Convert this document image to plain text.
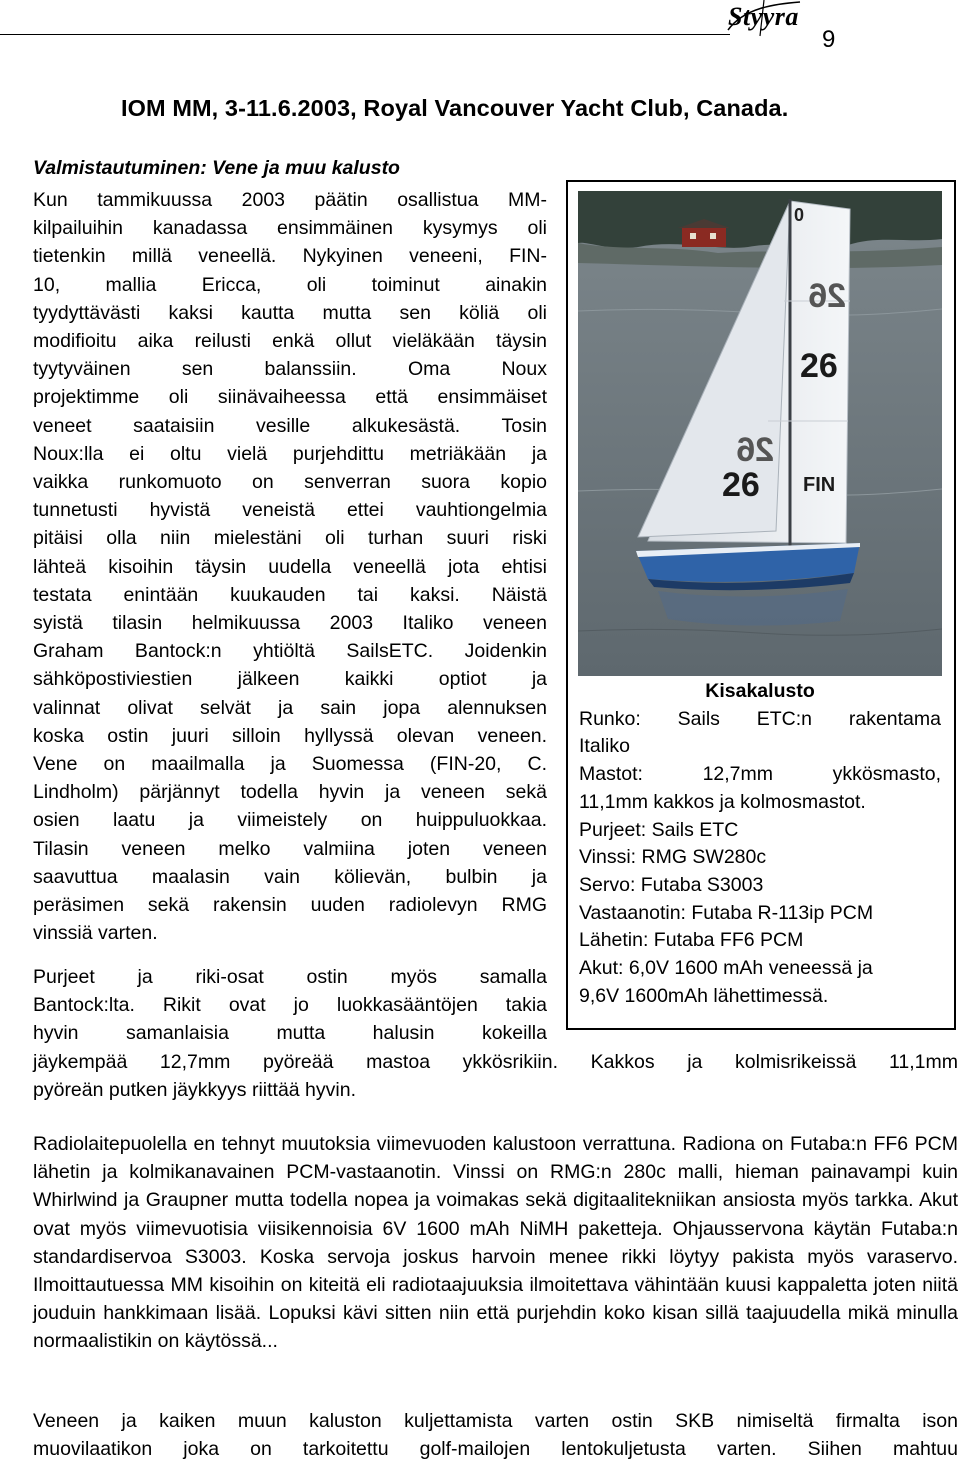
Styyra
9
IOM MM, 3-11.6.2003, Royal Vancouver Yacht Club, Canada.
Valmistautuminen: Vene ja muu kalusto
Kun tammikuussa 2003 päätin osallistua MM-
kilpailuihin kanadassa ensimmäinen kysymys oli
tietenkin millä veneellä. Nykyinen veneeni, FIN-
10, mallia Ericca, oli toiminut ainakin
tyydyttävästi kaksi kautta mutta sen köliä oli
modifioitu aika reilusti enkä ollut vieläkään täysin
tyytyväinen sen balanssiin. Oma Noux
projektimme oli siinävaiheessa että ensimmäiset
veneet saataisiin vesille alkukesästä. Tosin
Noux:lla ei oltu vielä purjehdittu metriäkään ja
vaikka runkomuoto on senverran suora kopio
tunnetusti hyvistä veneistä ettei vauhtiongelmia
pitäisi olla niin mielestäni oli turhan suuri riski
lähteä kisoihin täysin uudella veneellä jota ehtisi
testata enintään kuukauden tai kaksi. Näistä
syistä tilasin helmikuussa 2003 Italiko veneen
Graham Bantock:n yhtiöltä SailsETC. Joidenkin
sähköpostiviestien jälkeen kaikki optiot ja
valinnat olivat selvät ja sain jopa alennuksen
koska ostin juuri silloin hyllyssä olevan veneen.
Vene on maailmalla ja Suomessa (FIN-20, C.
Lindholm) pärjännyt todella hyvin ja veneen sekä
osien laatu ja viimeistely on huippuluokkaa.
Tilasin veneen melko valmiina joten veneen
saavuttua maalasin vain kölievän, bulbin ja
peräsimen sekä rakensin uuden radiolevyn RMG
vinssiä varten.
Purjeet ja riki-osat ostin myös samalla
Bantock:lta. Rikit ovat jo luokkasääntöjen takia
hyvin samanlaisia mutta halusin kokeilla
jäykempää 12,7mm pyöreää mastoa ykkösrikiin. Kakkos ja kolmisrikeissä 11,1mm
pyöreän putken jäykkyys riittää hyvin.

Radiolaitepuolella en tehnyt muutoksia viimevuoden kalustoon verrattuna. Radiona on Futaba:n FF6 PCM lähetin ja kolmikanavainen PCM-vastaanotin. Vinssi on RMG:n 280c malli, hieman painavampi kuin Whirlwind ja Graupner mutta todella nopea ja voimakas sekä digitaalitekniikan ansiosta myös tarkka. Akut ovat myös viimevuotisia viisikennoisia 6V 1600 mAh NiMH paketteja. Ohjausservona käytän Futaba:n standardiservoa S3003. Koska servoja joskus harvoin menee rikki löytyy pakista myös varaservo. Ilmoittautuessa MM kisoihin on kiteitä eli radiotaajuuksia ilmoitettava vähintään kuusi kappaletta joten niitä jouduin hankkimaan lisää. Lopuksi kävi sitten niin että purjehdin koko kisan sillä taajuudella mikä minulla normaalistikin on käytössä...

Veneen ja kaiken muun kaluston kuljettamista varten ostin SKB nimiseltä firmalta ison
muovilaatikon joka on tarkoitettu golf-mailojen lentokuljetusta varten. Siihen mahtuu
0
26
26 FIN
26
26

Kisakalusto

Runko: Sails ETC:n rakentama

Italiko

Mastot: 12,7mm ykkösmasto,

11,1mm kakkos ja kolmosmastot.

Purjeet: Sails ETC

Vinssi: RMG SW280c

Servo: Futaba S3003

Vastaanotin: Futaba R-113ip PCM

Lähetin: Futaba FF6 PCM

Akut: 6,0V 1600 mAh veneessä ja

9,6V 1600mAh lähettimessä.
